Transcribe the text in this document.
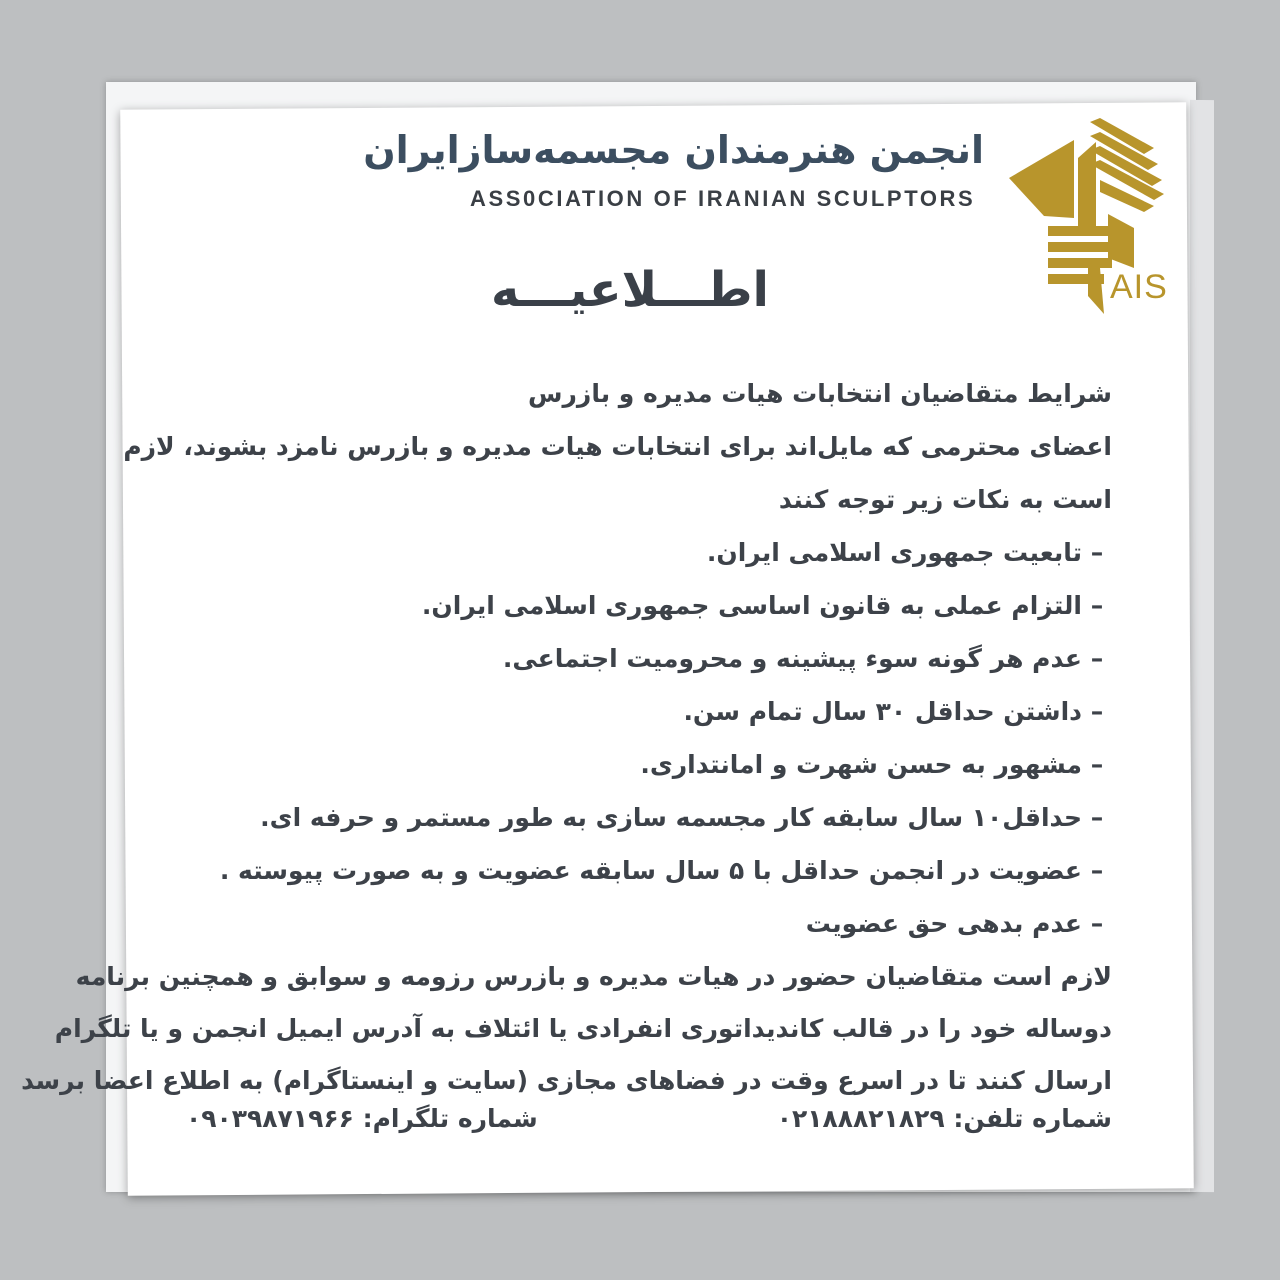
انجمن هنرمندان مجسمه‌سازایران
ASS0CIATION OF IRANIAN SCULPTORS
AIS
اطـــلاعیـــه
شرایط متقاضیان انتخابات هیات مدیره و بازرس
اعضای محترمی که مایل‌اند برای انتخابات هیات مدیره و بازرس نامزد بشوند، لازم
است به نکات زیر توجه کنند
–تابعیت جمهوری اسلامی ایران.
–التزام عملی به قانون اساسی جمهوری اسلامی ایران.
–عدم هر گونه سوء پیشینه و محرومیت اجتماعی.
–داشتن حداقل ۳۰ سال تمام سن.
–مشهور به حسن شهرت و امانتداری.
–حداقل۱۰ سال سابقه کار مجسمه سازی به طور مستمر و حرفه ای.
–عضویت در انجمن حداقل با ۵ سال سابقه عضویت و به صورت پیوسته .
–عدم بدهی حق عضویت
لازم است متقاضیان حضور در هیات مدیره و بازرس رزومه و سوابق و همچنین برنامه
دوساله خود را در قالب کاندیداتوری انفرادی یا ائتلاف به آدرس ایمیل انجمن و یا تلگرام
ارسال کنند تا در اسرع وقت در فضاهای مجازی (سایت و اینستاگرام) به اطلاع اعضا برسد
شماره تلفن: ۰۲۱۸۸۸۲۱۸۲۹
شماره تلگرام: ۰۹۰۳۹۸۷۱۹۶۶
